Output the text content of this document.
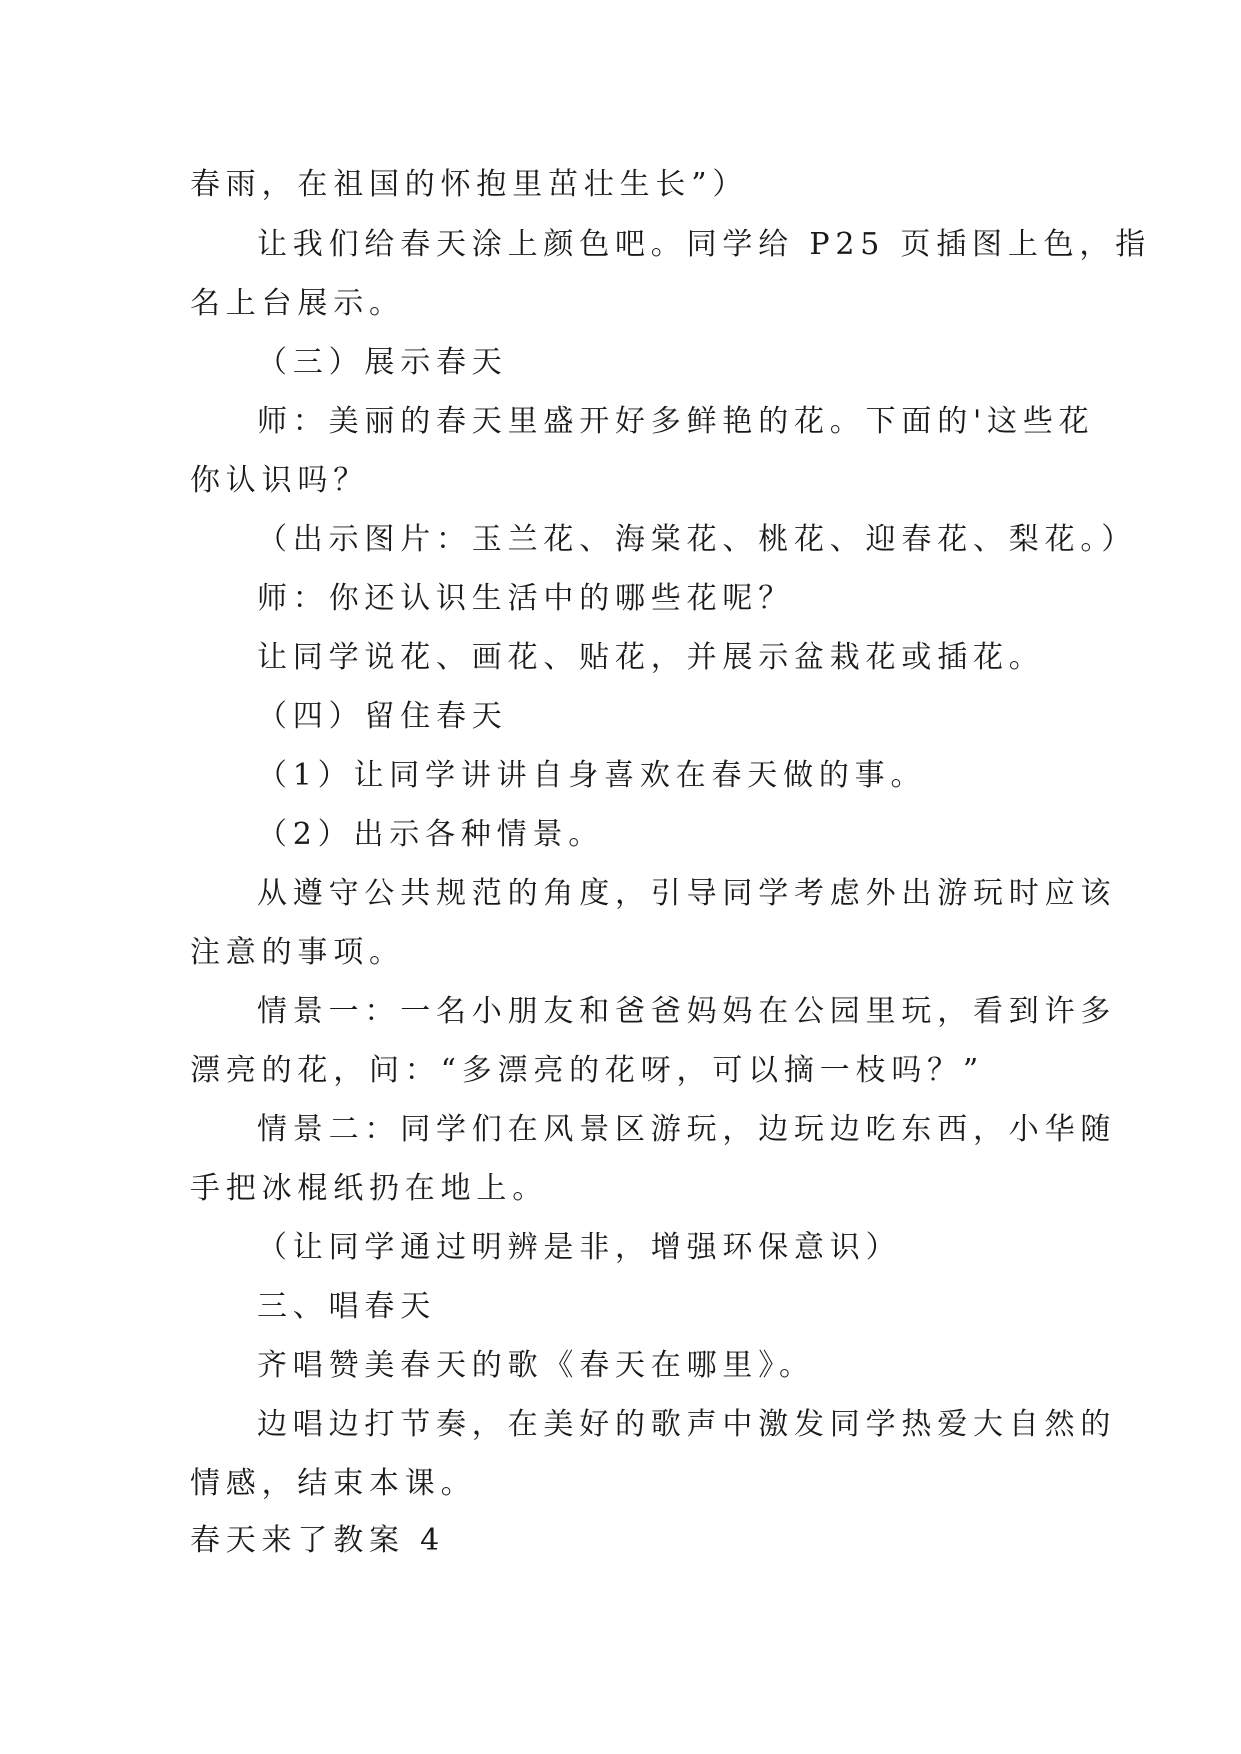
春雨，在祖国的怀抱里茁壮生长”）
让我们给春天涂上颜色吧。同学给 P25 页插图上色，指
名上台展示。
（三）展示春天
师：美丽的春天里盛开好多鲜艳的花。下面的'这些花
你认识吗？
（出示图片：玉兰花、海棠花、桃花、迎春花、梨花。）
师：你还认识生活中的哪些花呢？
让同学说花、画花、贴花，并展示盆栽花或插花。
（四）留住春天
（1）让同学讲讲自身喜欢在春天做的事。
（2）出示各种情景。
从遵守公共规范的角度，引导同学考虑外出游玩时应该
注意的事项。
情景一：一名小朋友和爸爸妈妈在公园里玩，看到许多
漂亮的花，问：“多漂亮的花呀，可以摘一枝吗？”
情景二：同学们在风景区游玩，边玩边吃东西，小华随
手把冰棍纸扔在地上。
（让同学通过明辨是非，增强环保意识）
三、唱春天
齐唱赞美春天的歌《春天在哪里》。
边唱边打节奏，在美好的歌声中激发同学热爱大自然的
情感，结束本课。
春天来了教案 4
